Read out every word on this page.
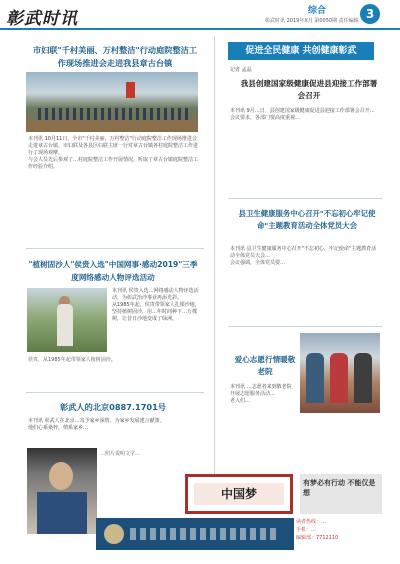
彰武时讯	综合
彰武时讯 2019年X月 第0050期 责任编辑 3
市妇联"千村美丽、万村整洁"行动庭院整洁工作现场推进会走进我县章古台镇
本刊讯 10月11日，全市"千村美丽、万村整洁"行动庭院整洁工作现场推进会走进章古台镇。市妇联及各县区妇联主席一行对章古台镇各村庭院整洁工作进行了现场观摩。
与会人员先后参观了…村庭院整洁工作开展情况，听取了章古台镇庭院整洁工作经验介绍。
"植树固沙人"侯贵入选"中国网事·感动2019"三季度网络感动人物评选活动
本刊讯 侯贵入选…网络感动人物评选活动，为彰武治沙事业再添光彩。
从1985年起，侯贵带领家人扎根沙地，坚持植树固沙，用…年时间种下…万棵树，让昔日沙地变成了绿洲。
侯贵，从1985年起带领家人植树固沙。
彰武人的北京0887.1701号
本刊讯 彰武人在北京…寄予家乡深情，为家乡发展建言献策。
他们心系桑梓，情系家乡…
…照片说明文字…
促进全民健康 共创健康彰武
记者 孟晶
我县创建国家级健康促进县迎接工作部署会召开
本刊讯 9月…日，县创建国家级健康促进县迎接工作部署会召开…
会议要求，各部门要高度重视…
县卫生健康服务中心召开"不忘初心牢记使命"主题教育活动全体党员大会
本刊讯 县卫生健康服务中心召开"不忘初心、牢记使命"主题教育活动全体党员大会…
会议强调，全体党员要…
爱心志愿行情暖敬老院
本刊讯 …志愿者来到敬老院开展志愿服务活动…
老人们…
中国梦
有梦必有行动 不能仅是想
读者热线：…
手机：…
编辑部：7712110
